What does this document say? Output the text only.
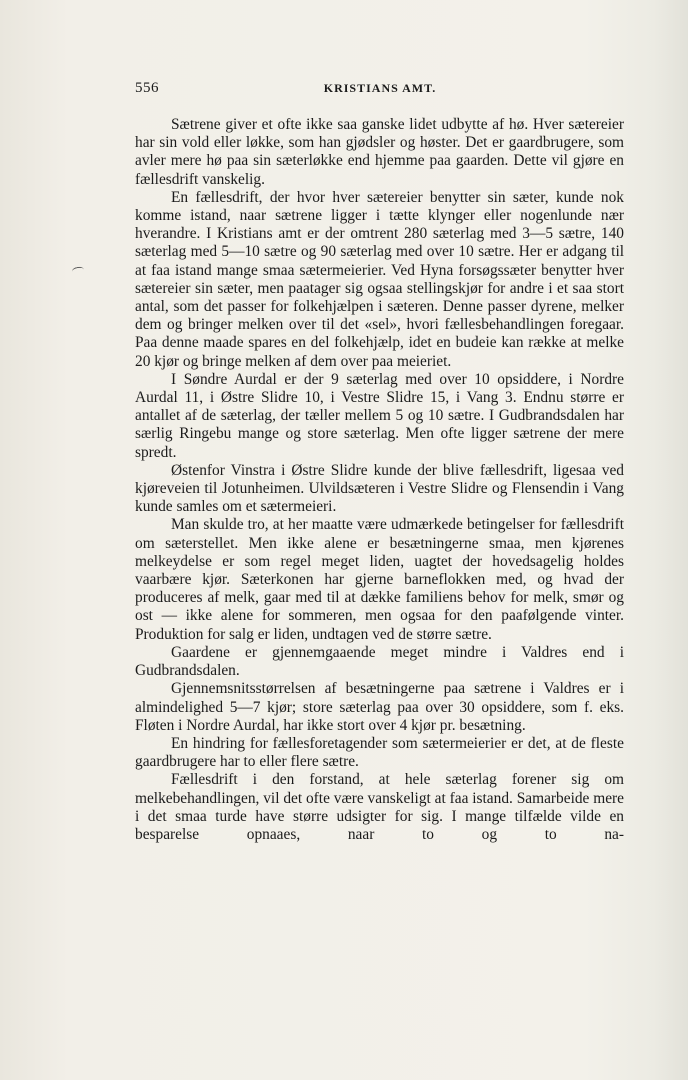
556	KRISTIANS AMT.

Sætrene giver et ofte ikke saa ganske lidet udbytte af hø. Hver sætereier har sin vold eller løkke, som han gjødsler og høster. Det er gaardbrugere, som avler mere hø paa sin sæterløkke end hjemme paa gaarden. Dette vil gjøre en fællesdrift vanskelig.

En fællesdrift, der hvor hver sætereier benytter sin sæter, kunde nok komme istand, naar sætrene ligger i tætte klynger eller nogenlunde nær hverandre. I Kristians amt er der omtrent 280 sæterlag med 3—5 sætre, 140 sæterlag med 5—10 sætre og 90 sæterlag med over 10 sætre. Her er adgang til at faa istand mange smaa sætermeierier. Ved Hyna forsøgssæter benytter hver sætereier sin sæter, men paatager sig ogsaa stellingskjør for andre i et saa stort antal, som det passer for folkehjælpen i sæteren. Denne passer dyrene, melker dem og bringer melken over til det «sel», hvori fællesbehandlingen foregaar. Paa denne maade spares en del folkehjælp, idet en budeie kan række at melke 20 kjør og bringe melken af dem over paa meieriet.

I Søndre Aurdal er der 9 sæterlag med over 10 opsiddere, i Nordre Aurdal 11, i Østre Slidre 10, i Vestre Slidre 15, i Vang 3. Endnu større er antallet af de sæterlag, der tæller mellem 5 og 10 sætre. I Gudbrandsdalen har særlig Ringebu mange og store sæterlag. Men ofte ligger sætrene der mere spredt.

Østenfor Vinstra i Østre Slidre kunde der blive fællesdrift, ligesaa ved kjøreveien til Jotunheimen. Ulvildsæteren i Vestre Slidre og Flensendin i Vang kunde samles om et sætermeieri.

Man skulde tro, at her maatte være udmærkede betingelser for fællesdrift om sæterstellet. Men ikke alene er besætningerne smaa, men kjørenes melkeydelse er som regel meget liden, uagtet der hovedsagelig holdes vaarbære kjør. Sæterkonen har gjerne barneflokken med, og hvad der produceres af melk, gaar med til at dække familiens behov for melk, smør og ost — ikke alene for sommeren, men ogsaa for den paafølgende vinter. Produktion for salg er liden, undtagen ved de større sætre.

Gaardene er gjennemgaaende meget mindre i Valdres end i Gudbrandsdalen.

Gjennemsnitsstørrelsen af besætningerne paa sætrene i Valdres er i almindelighed 5—7 kjør; store sæterlag paa over 30 opsiddere, som f. eks. Fløten i Nordre Aurdal, har ikke stort over 4 kjør pr. besætning.

En hindring for fællesforetagender som sætermeierier er det, at de fleste gaardbrugere har to eller flere sætre.

Fællesdrift i den forstand, at hele sæterlag forener sig om melkebehandlingen, vil det ofte være vanskeligt at faa istand. Samarbeide mere i det smaa turde have større udsigter for sig. I mange tilfælde vilde en besparelse opnaaes, naar to og to na-
